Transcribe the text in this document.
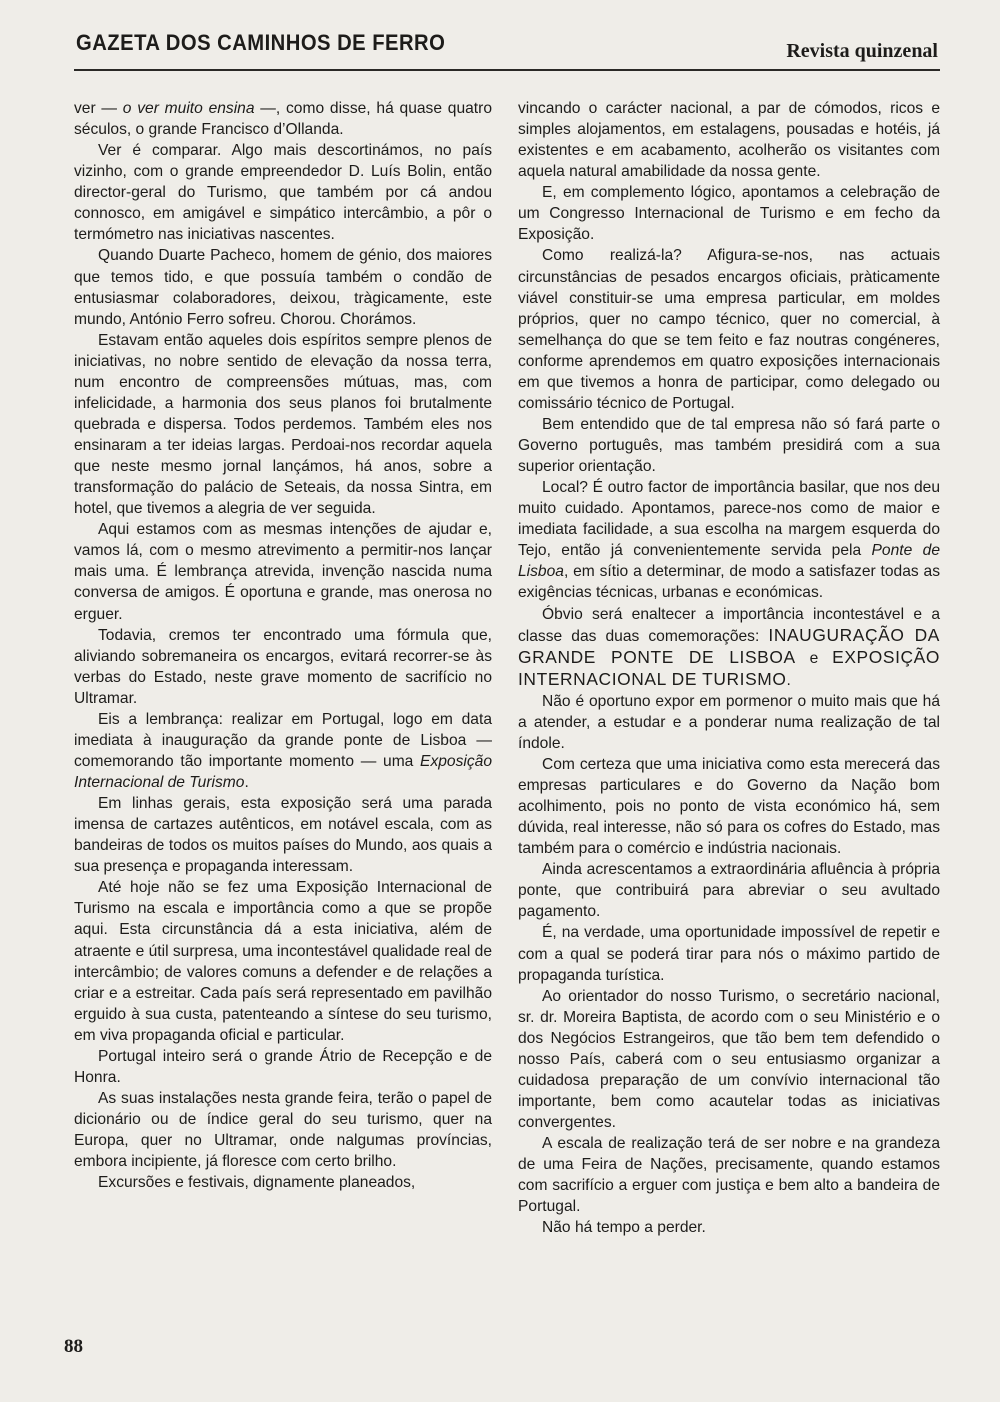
GAZETA DOS CAMINHOS DE FERRO	Revista quinzenal

ver — o ver muito ensina —, como disse, há quase quatro séculos, o grande Francisco d’Ollanda.

Ver é comparar. Algo mais descortinámos, no país vizinho, com o grande empreendedor D. Luís Bolin, então director-geral do Turismo, que também por cá andou connosco, em amigável e simpático intercâmbio, a pôr o termómetro nas iniciativas nascentes.

Quando Duarte Pacheco, homem de génio, dos maiores que temos tido, e que possuía também o condão de entusiasmar colaboradores, deixou, tràgicamente, este mundo, António Ferro sofreu. Chorou. Chorámos.

Estavam então aqueles dois espíritos sempre plenos de iniciativas, no nobre sentido de elevação da nossa terra, num encontro de compreensões mútuas, mas, com infelicidade, a harmonia dos seus planos foi brutalmente quebrada e dispersa. Todos perdemos. Também eles nos ensinaram a ter ideias largas. Perdoai-nos recordar aquela que neste mesmo jornal lançámos, há anos, sobre a transformação do palácio de Seteais, da nossa Sintra, em hotel, que tivemos a alegria de ver seguida.

Aqui estamos com as mesmas intenções de ajudar e, vamos lá, com o mesmo atrevimento a permitir-nos lançar mais uma. É lembrança atrevida, invenção nascida numa conversa de amigos. É oportuna e grande, mas onerosa no erguer.

Todavia, cremos ter encontrado uma fórmula que, aliviando sobremaneira os encargos, evitará recorrer-se às verbas do Estado, neste grave momento de sacrifício no Ultramar.

Eis a lembrança: realizar em Portugal, logo em data imediata à inauguração da grande ponte de Lisboa — comemorando tão importante momento — uma Exposição Internacional de Turismo.

Em linhas gerais, esta exposição será uma parada imensa de cartazes autênticos, em notável escala, com as bandeiras de todos os muitos países do Mundo, aos quais a sua presença e propaganda interessam.

Até hoje não se fez uma Exposição Internacional de Turismo na escala e importância como a que se propõe aqui. Esta circunstância dá a esta iniciativa, além de atraente e útil surpresa, uma incontestável qualidade real de intercâmbio; de valores comuns a defender e de relações a criar e a estreitar. Cada país será representado em pavilhão erguido à sua custa, patenteando a síntese do seu turismo, em viva propaganda oficial e particular.

Portugal inteiro será o grande Átrio de Recepção e de Honra.

As suas instalações nesta grande feira, terão o papel de dicionário ou de índice geral do seu turismo, quer na Europa, quer no Ultramar, onde nalgumas províncias, embora incipiente, já floresce com certo brilho.

Excursões e festivais, dignamente planeados,

vincando o carácter nacional, a par de cómodos, ricos e simples alojamentos, em estalagens, pousadas e hotéis, já existentes e em acabamento, acolherão os visitantes com aquela natural amabilidade da nossa gente.

E, em complemento lógico, apontamos a celebração de um Congresso Internacional de Turismo e em fecho da Exposição.

Como realizá-la? Afigura-se-nos, nas actuais circunstâncias de pesados encargos oficiais, pràticamente viável constituir-se uma empresa particular, em moldes próprios, quer no campo técnico, quer no comercial, à semelhança do que se tem feito e faz noutras congéneres, conforme aprendemos em quatro exposições internacionais em que tivemos a honra de participar, como delegado ou comissário técnico de Portugal.

Bem entendido que de tal empresa não só fará parte o Governo português, mas também presidirá com a sua superior orientação.

Local? É outro factor de importância basilar, que nos deu muito cuidado. Apontamos, parece-nos como de maior e imediata facilidade, a sua escolha na margem esquerda do Tejo, então já convenientemente servida pela Ponte de Lisboa, em sítio a determinar, de modo a satisfazer todas as exigências técnicas, urbanas e económicas.

Óbvio será enaltecer a importância incontestável e a classe das duas comemorações: INAUGURAÇÃO DA GRANDE PONTE DE LISBOA e EXPOSIÇÃO INTERNACIONAL DE TURISMO.

Não é oportuno expor em pormenor o muito mais que há a atender, a estudar e a ponderar numa realização de tal índole.

Com certeza que uma iniciativa como esta merecerá das empresas particulares e do Governo da Nação bom acolhimento, pois no ponto de vista económico há, sem dúvida, real interesse, não só para os cofres do Estado, mas também para o comércio e indústria nacionais.

Ainda acrescentamos a extraordinária afluência à própria ponte, que contribuirá para abreviar o seu avultado pagamento.

É, na verdade, uma oportunidade impossível de repetir e com a qual se poderá tirar para nós o máximo partido de propaganda turística.

Ao orientador do nosso Turismo, o secretário nacional, sr. dr. Moreira Baptista, de acordo com o seu Ministério e o dos Negócios Estrangeiros, que tão bem tem defendido o nosso País, caberá com o seu entusiasmo organizar a cuidadosa preparação de um convívio internacional tão importante, bem como acautelar todas as iniciativas convergentes.

A escala de realização terá de ser nobre e na grandeza de uma Feira de Nações, precisamente, quando estamos com sacrifício a erguer com justiça e bem alto a bandeira de Portugal.

Não há tempo a perder.

88
